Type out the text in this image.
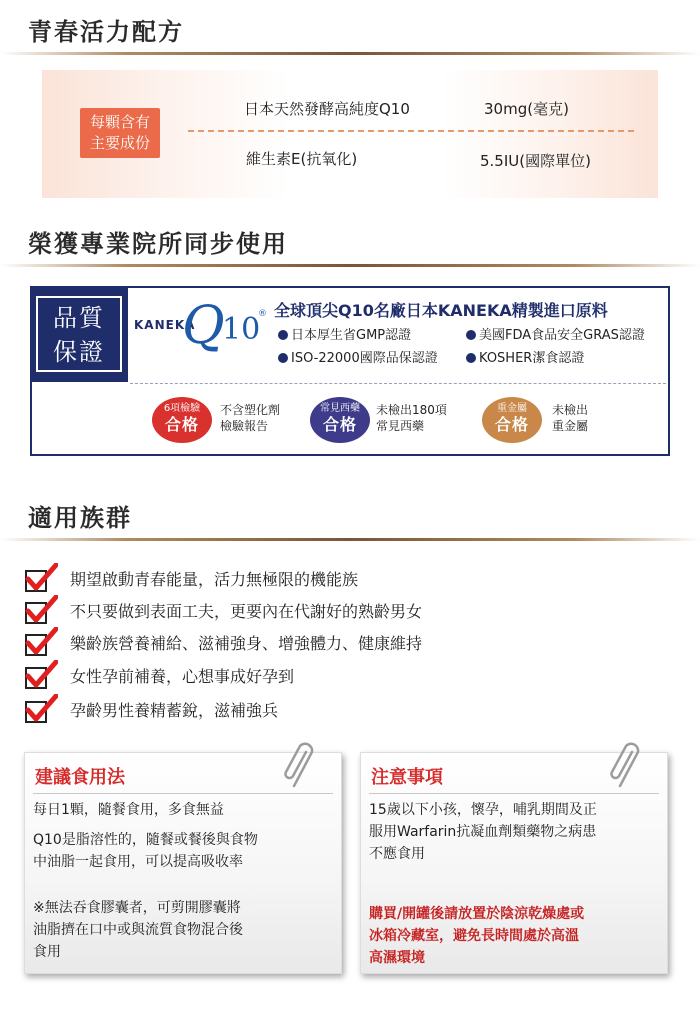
青春活力配方
每顆含有
主要成份
日本天然發酵高純度Q10	30mg(毫克)
維生素E(抗氧化)	5.5IU(國際單位)
榮獲專業院所同步使用
品質
保證
KANEKA
Q
10
® 全球頂尖Q10名廠日本KANEKA精製進口原料
日本厚生省GMP認證	美國FDA食品安全GRAS認證
ISO-22000國際品保認證	KOSHER潔食認證
6項檢驗
合格
不含塑化劑
檢驗報告
常見西藥
合格
未檢出180項
常見西藥
重金屬
合格
未檢出
重金屬
適用族群
期望啟動青春能量，活力無極限的機能族
不只要做到表面工夫，更要內在代謝好的熟齡男女
樂齡族營養補給、滋補強身、增強體力、健康維持
女性孕前補養，心想事成好孕到
孕齡男性養精蓄銳，滋補強兵
建議食用法
每日1顆，隨餐食用，多食無益
Q10是脂溶性的，隨餐或餐後與食物
中油脂一起食用，可以提高吸收率
※無法吞食膠囊者，可剪開膠囊將
油脂擠在口中或與流質食物混合後
食用
注意事項
15歲以下小孩，懷孕，哺乳期間及正
服用Warfarin抗凝血劑類藥物之病患
不應食用
購買/開罐後請放置於陰涼乾燥處或
冰箱冷藏室，避免長時間處於高溫
高濕環境
